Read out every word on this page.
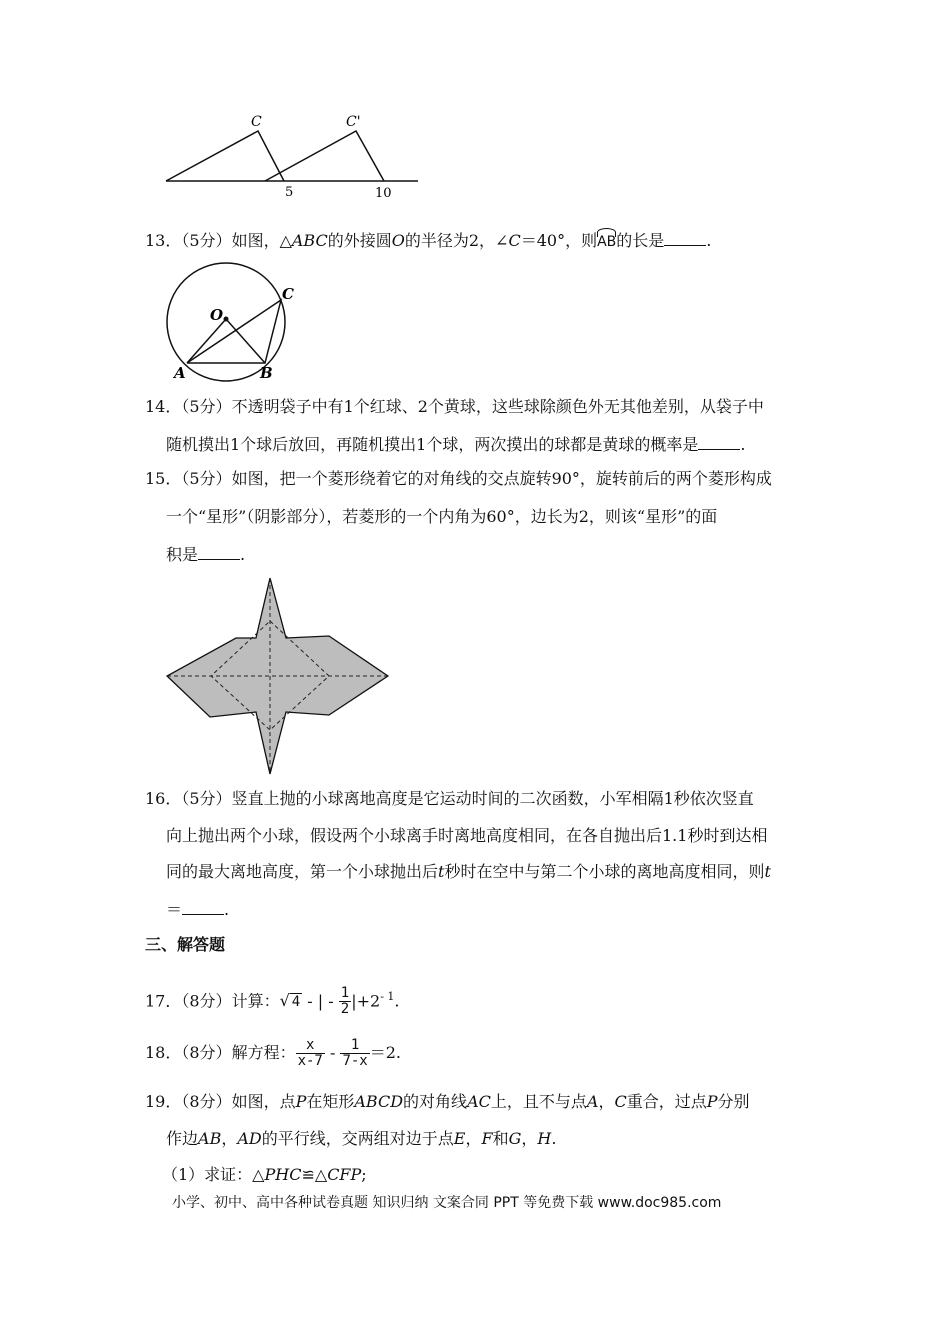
C	C'
5	10
13．（5分）如图，△ABC的外接圆O的半径为2，∠C＝40°，则AB的长是	.
O
C
A	B
14．（5分）不透明袋子中有1个红球、2个黄球，这些球除颜色外无其他差别，从袋子中
随机摸出1个球后放回，再随机摸出1个球，两次摸出的球都是黄球的概率是	.
15．（5分）如图，把一个菱形绕着它的对角线的交点旋转90°，旋转前后的两个菱形构成
一个“星形”（阴影部分），若菱形的一个内角为60°，边长为2，则该“星形”的面
积是	.
16．（5分）竖直上抛的小球离地高度是它运动时间的二次函数，小军相隔1秒依次竖直
向上抛出两个小球，假设两个小球离手时离地高度相同，在各自抛出后1.1秒时到达相
同的最大离地高度，第一个小球抛出后t秒时在空中与第二个小球的离地高度相同，则t
＝	.
三、解答题
17．（8分）计算：√ 4 - | - $\frac{1}{2} |+2^{- 1}$.
18．（8分）解方程： $\frac{x}{x-7} - \frac{1}{7-x} =2$.
19．（8分）如图，点P在矩形ABCD的对角线AC上，且不与点A，C重合，过点P分别
作边AB，AD的平行线，交两组对边于点E，F和G，H.
（1）求证：△PHC≌△CFP;
小学、初中、高中各种试卷真题 知识归纳 文案合同 PPT 等免费下载 www.doc985.com
